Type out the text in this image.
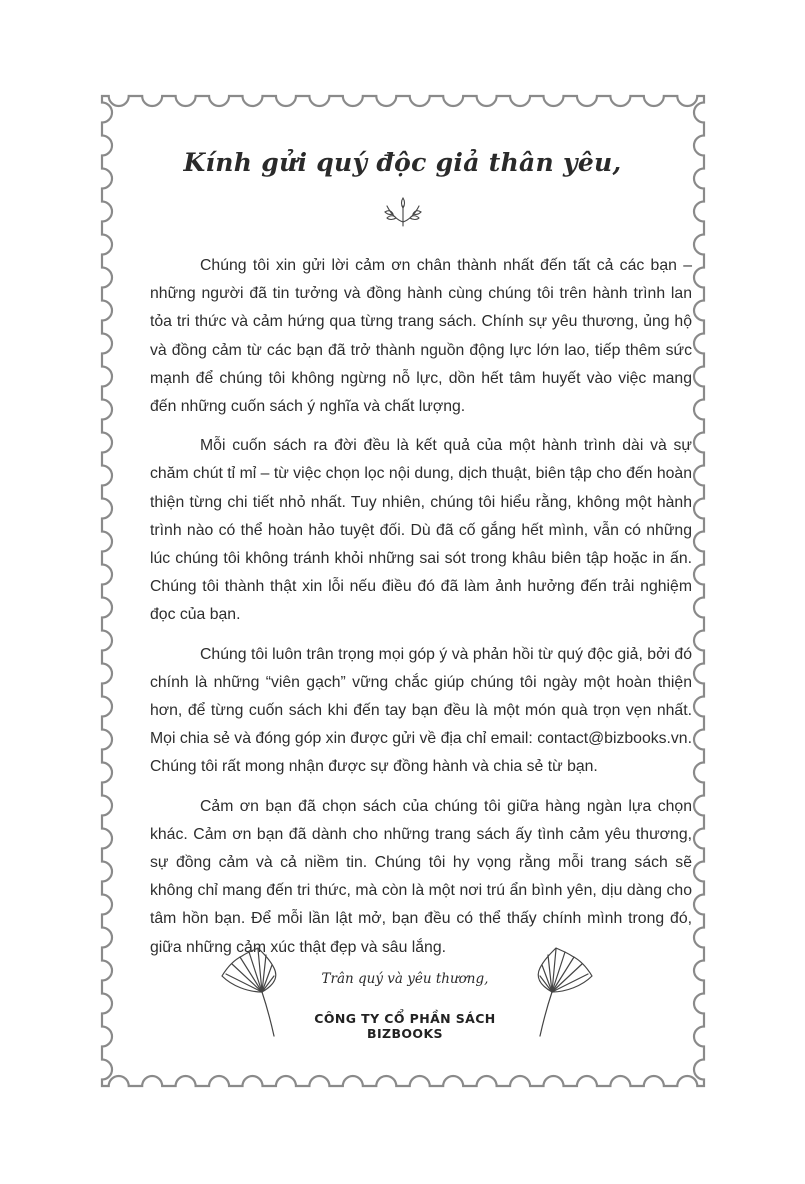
Kính gửi quý độc giả thân yêu,

Chúng tôi xin gửi lời cảm ơn chân thành nhất đến tất cả các bạn – những người đã tin tưởng và đồng hành cùng chúng tôi trên hành trình lan tỏa tri thức và cảm hứng qua từng trang sách. Chính sự yêu thương, ủng hộ và đồng cảm từ các bạn đã trở thành nguồn động lực lớn lao, tiếp thêm sức mạnh để chúng tôi không ngừng nỗ lực, dồn hết tâm huyết vào việc mang đến những cuốn sách ý nghĩa và chất lượng.

Mỗi cuốn sách ra đời đều là kết quả của một hành trình dài và sự chăm chút tỉ mỉ – từ việc chọn lọc nội dung, dịch thuật, biên tập cho đến hoàn thiện từng chi tiết nhỏ nhất. Tuy nhiên, chúng tôi hiểu rằng, không một hành trình nào có thể hoàn hảo tuyệt đối. Dù đã cố gắng hết mình, vẫn có những lúc chúng tôi không tránh khỏi những sai sót trong khâu biên tập hoặc in ấn. Chúng tôi thành thật xin lỗi nếu điều đó đã làm ảnh hưởng đến trải nghiệm đọc của bạn.

Chúng tôi luôn trân trọng mọi góp ý và phản hồi từ quý độc giả, bởi đó chính là những “viên gạch” vững chắc giúp chúng tôi ngày một hoàn thiện hơn, để từng cuốn sách khi đến tay bạn đều là một món quà trọn vẹn nhất. Mọi chia sẻ và đóng góp xin được gửi về địa chỉ email: contact@bizbooks.vn. Chúng tôi rất mong nhận được sự đồng hành và chia sẻ từ bạn.

Cảm ơn bạn đã chọn sách của chúng tôi giữa hàng ngàn lựa chọn khác. Cảm ơn bạn đã dành cho những trang sách ấy tình cảm yêu thương, sự đồng cảm và cả niềm tin. Chúng tôi hy vọng rằng mỗi trang sách sẽ không chỉ mang đến tri thức, mà còn là một nơi trú ẩn bình yên, dịu dàng cho tâm hồn bạn. Để mỗi lần lật mở, bạn đều có thể thấy chính mình trong đó, giữa những cảm xúc thật đẹp và sâu lắng.

Trân quý và yêu thương,

CÔNG TY CỔ PHẦN SÁCH BIZBOOKS
